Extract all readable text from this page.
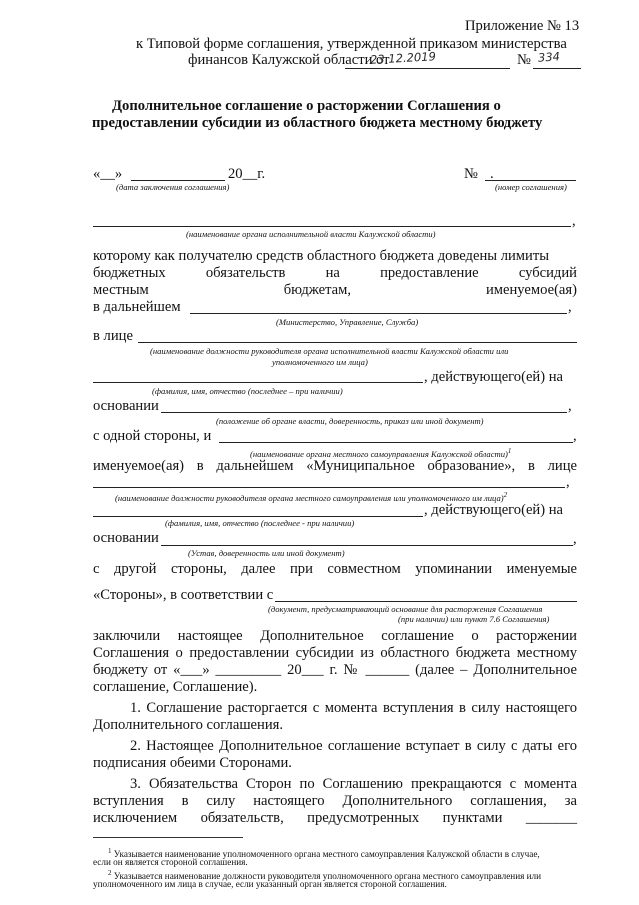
Приложение № 13
к Типовой форме соглашения, утвержденной приказом министерства
финансов Калужской области от
23.12.2019	№ 334
Дополнительное соглашение о расторжении Соглашения о
предоставлении субсидии из областного бюджета местному бюджету
«__»	20__г.
(дата заключения соглашения)
№ .
(номер соглашения)
,
(наименование органа исполнительной власти Калужской области)
которому как получателю средств областного бюджета доведены лимиты
бюджетных	обязательств	на	предоставление	субсидий
местным	бюджетам,	именуемое(ая)
в дальнейшем	,
(Министерство, Управление, Служба)
в лице
(наименование должности руководителя органа исполнительной власти Калужской области или
уполномоченного им лица)
, действующего(ей) на
(фамилия, имя, отчество (последнее – при наличии)
основании	,
(положение об органе власти, доверенность, приказ или иной документ)
с одной стороны, и	,
(наименование органа местного самоуправления Калужской области)$^1$
именуемое(ая) в дальнейшем «Муниципальное образование», в лице
,
(наименование должности руководителя органа местного самоуправления или уполномоченного им лица)$^2$
, действующего(ей) на
(фамилия, имя, отчество (последнее - при наличии)
основании	,
(Устав, доверенность или иной документ)
с другой стороны, далее при совместном упоминании именуемые
«Стороны», в соответствии с
(документ, предусматривающий основание для расторжения Соглашения
(при наличии) или пункт 7.6 Соглашения)
заключили настоящее Дополнительное соглашение о расторжении
Соглашения о предоставлении субсидии из областного бюджета местному
бюджету от «___» _________ 20___ г. № ______ (далее – Дополнительное
соглашение, Соглашение).
1. Соглашение расторгается с момента вступления в силу настоящего
Дополнительного соглашения.
2. Настоящее Дополнительное соглашение вступает в силу с даты его
подписания обеими Сторонами.
3. Обязательства Сторон по Соглашению прекращаются с момента
вступления в силу настоящего Дополнительного соглашения, за
исключением обязательств, предусмотренных пунктами _______
$^1$ Указывается наименование уполномоченного органа местного самоуправления Калужской области в случае,
если он является стороной соглашения.
$^2$ Указывается наименование должности руководителя уполномоченного органа местного самоуправления или
уполномоченного им лица в случае, если указанный орган является стороной соглашения.
